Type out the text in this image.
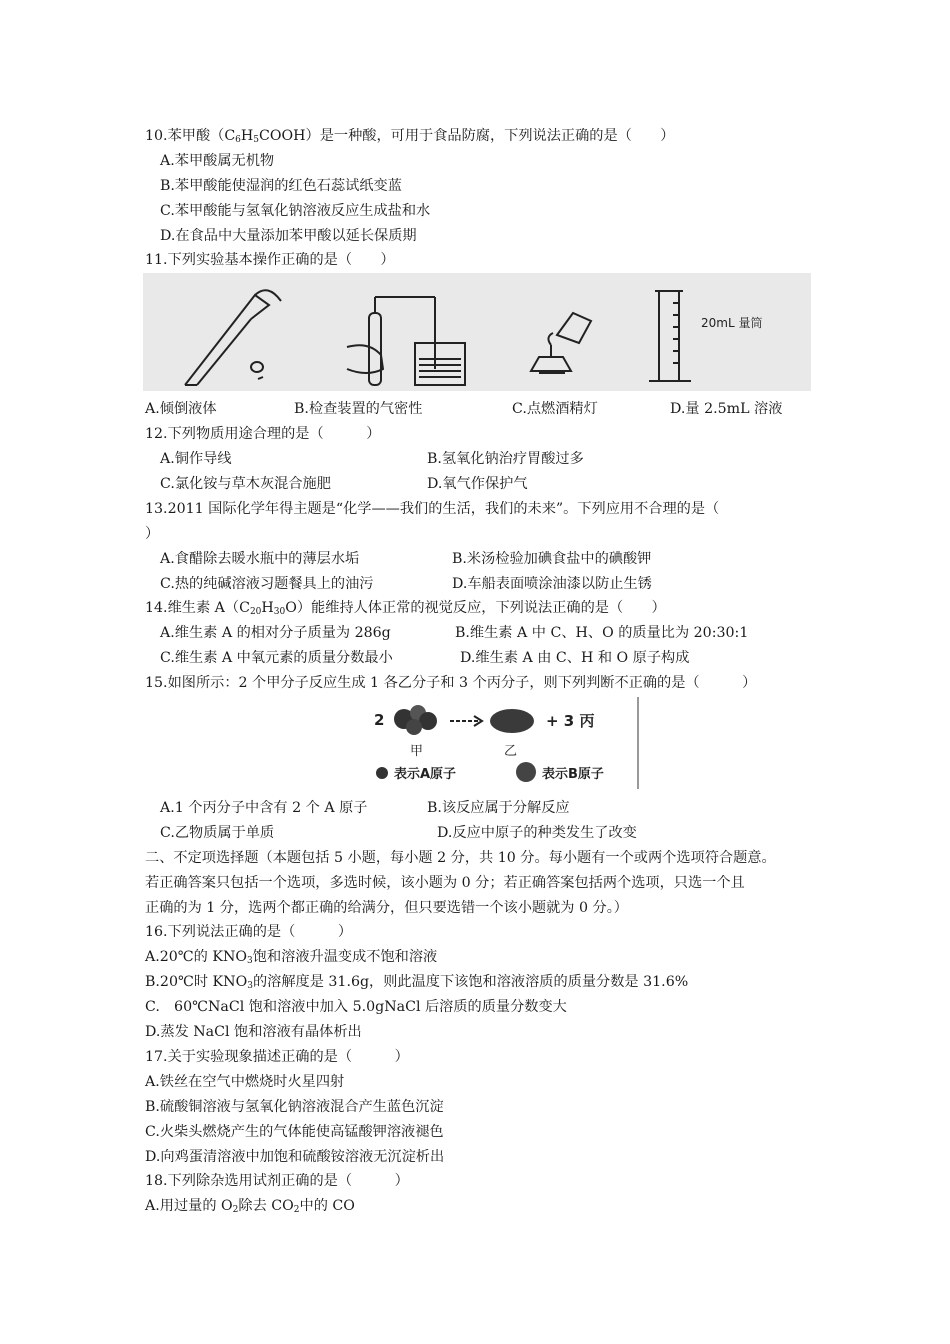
10.苯甲酸$(C_6H_5COOH)$是一种酸，可用于食品防腐，下列说法正确的是（　　）
A.苯甲酸属无机物
B.苯甲酸能使湿润的红色石蕊试纸变蓝
C.苯甲酸能与氢氧化钠溶液反应生成盐和水
D.在食品中大量添加苯甲酸以延长保质期
11.下列实验基本操作正确的是（　　）
20mL 量筒
A.倾倒液体	B.检查装置的气密性	C.点燃酒精灯	D.量 2.5mL 溶液
12.下列物质用途合理的是（　　　）
A.铜作导线	B.氢氧化钠治疗胃酸过多
C.氯化铵与草木灰混合施肥	D.氧气作保护气
13.2011 国际化学年得主题是“化学——我们的生活，我们的未来”。下列应用不合理的是（
）
A.食醋除去暖水瓶中的薄层水垢	B.米汤检验加碘食盐中的碘酸钾
C.热的纯碱溶液习题餐具上的油污	D.车船表面喷涂油漆以防止生锈
14.维生素 $A(C_{20}H_{30}O)$能维持人体正常的视觉反应，下列说法正确的是（　　）
A.维生素 A 的相对分子质量为 286g	B.维生素 A 中 C、H、O 的质量比为 20:30:1
C.维生素 A 中氧元素的质量分数最小	D.维生素 A 由 C、H 和 O 原子构成
15.如图所示：2 个甲分子反应生成 1 各乙分子和 3 个丙分子，则下列判断不正确的是（　　　）
2	+ 3 丙
甲	乙
表示A原子	表示B原子
A.1 个丙分子中含有 2 个 A 原子	B.该反应属于分解反应
C.乙物质属于单质	D.反应中原子的种类发生了改变
二、不定项选择题（本题包括 5 小题，每小题 2 分，共 10 分。每小题有一个或两个选项符合题意。
若正确答案只包括一个选项，多选时候，该小题为 0 分；若正确答案包括两个选项，只选一个且
正确的为 1 分，选两个都正确的给满分，但只要选错一个该小题就为 0 分。）
16.下列说法正确的是（　　　）
A.20℃的 $KNO_3$饱和溶液升温变成不饱和溶液
B.20℃时 $KNO_3$的溶解度是 31.6g，则此温度下该饱和溶液溶质的质量分数是 31.6%
C.　60℃NaCl 饱和溶液中加入 5.0gNaCl 后溶质的质量分数变大
D.蒸发 NaCl 饱和溶液有晶体析出
17.关于实验现象描述正确的是（　　　）
A.铁丝在空气中燃烧时火星四射
B.硫酸铜溶液与氢氧化钠溶液混合产生蓝色沉淀
C.火柴头燃烧产生的气体能使高锰酸钾溶液褪色
D.向鸡蛋清溶液中加饱和硫酸铵溶液无沉淀析出
18.下列除杂选用试剂正确的是（　　　）
A.用过量的 $O_2$除去 $CO_2$中的 CO
